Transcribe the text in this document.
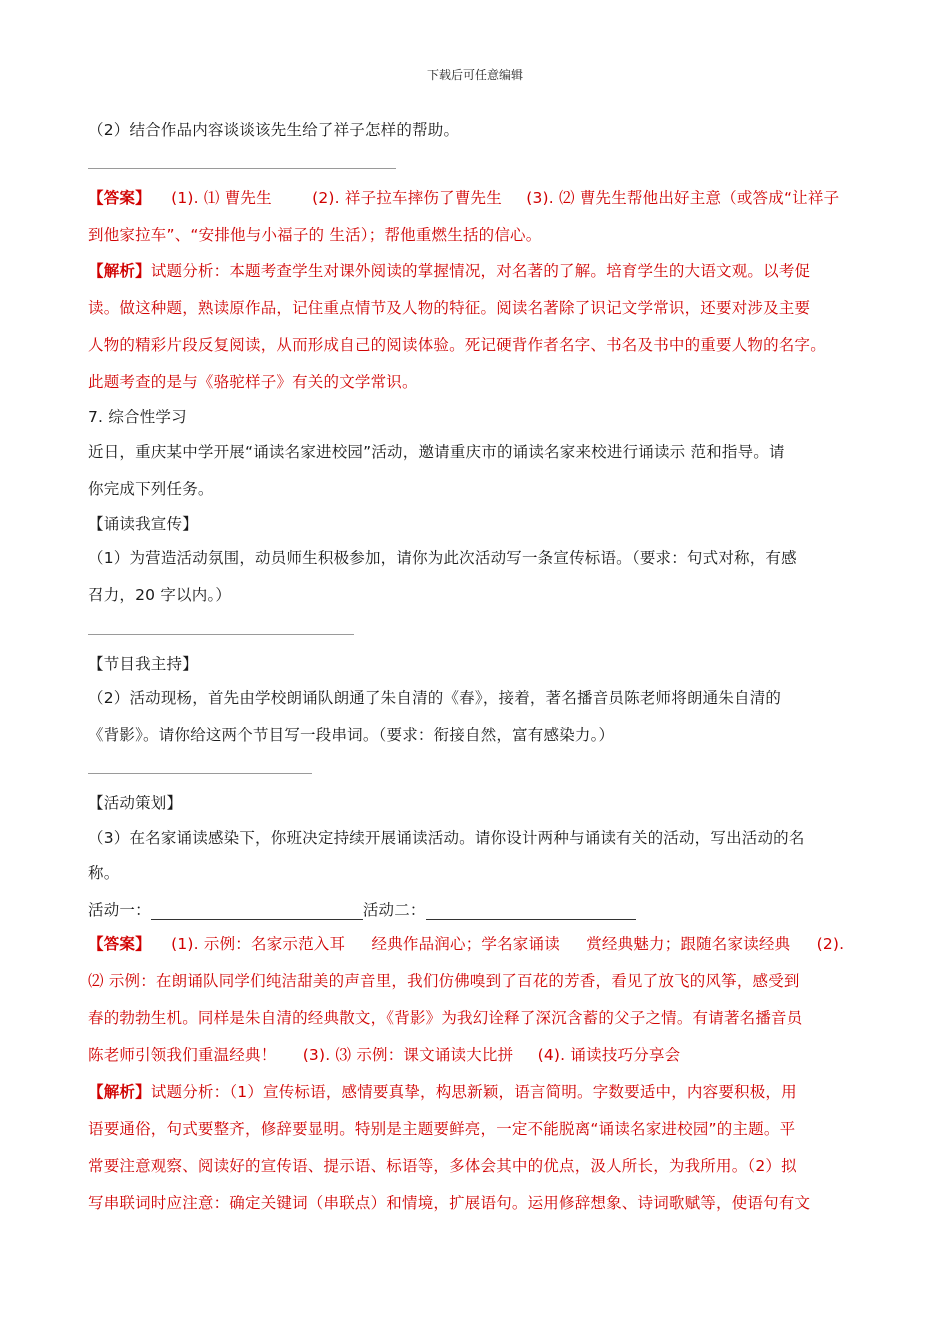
下载后可任意编辑
（2）结合作品内容谈谈该先生给了祥子怎样的帮助。
【答案】 (1). ⑴ 曹先生	(2). 祥子拉车摔伤了曹先生 (3). ⑵ 曹先生帮他出好主意（或答成“让祥子
到他家拉车”、“安排他与小福子的 生活）；帮他重燃生括的信心。
【解析】试题分析：本题考查学生对课外阅读的掌握情况，对名著的了解。培育学生的大语文观。以考促
读。做这种题，熟读原作品，记住重点情节及人物的特征。阅读名著除了识记文学常识，还要对涉及主要
人物的精彩片段反复阅读，从而形成自己的阅读体验。死记硬背作者名字、书名及书中的重要人物的名字。
此题考查的是与《骆驼样子》有关的文学常识。
7. 综合性学习
近日，重庆某中学开展“诵读名家进校园”活动，邀请重庆市的诵读名家来校进行诵读示 范和指导。请
你完成下列任务。
【诵读我宣传】
（1）为营造活动氛围，动员师生积极参加，请你为此次活动写一条宣传标语。（要求：句式对称，有感
召力，20 字以内。）
【节目我主持】
（2）活动现杨，首先由学校朗诵队朗通了朱自清的《春》，接着，著名播音员陈老师将朗通朱自清的
《背影》。请你给这两个节目写一段串词。（要求：衔接自然，富有感染力。）
【活动策划】
（3）在名家诵读感染下，你班决定持续开展诵读活动。请你设计两种与诵读有关的活动，写出活动的名
称。
活动一：	活动二：
【答案】 (1). 示例：名家示范入耳 经典作品润心；学名家诵读 赏经典魅力；跟随名家读经典 (2).
⑵ 示例：在朗诵队同学们纯洁甜美的声音里，我们仿佛嗅到了百花的芳香，看见了放飞的风筝，感受到
春的勃勃生机。同样是朱自清的经典散文，《背影》为我幻诠释了深沉含蓄的父子之情。有请著名播音员
陈老师引领我们重温经典！ (3). ⑶ 示例：课文诵读大比拼 (4). 诵读技巧分享会
【解析】试题分析：（1）宣传标语，感情要真挚，构思新颖，语言简明。字数要适中，内容要积极，用
语要通俗，句式要整齐，修辞要显明。特别是主题要鲜亮，一定不能脱离“诵读名家进校园”的主题。平
常要注意观察、阅读好的宣传语、提示语、标语等，多体会其中的优点，汲人所长，为我所用。（2）拟
写串联词时应注意：确定关键词（串联点）和情境，扩展语句。运用修辞想象、诗词歌赋等，使语句有文
